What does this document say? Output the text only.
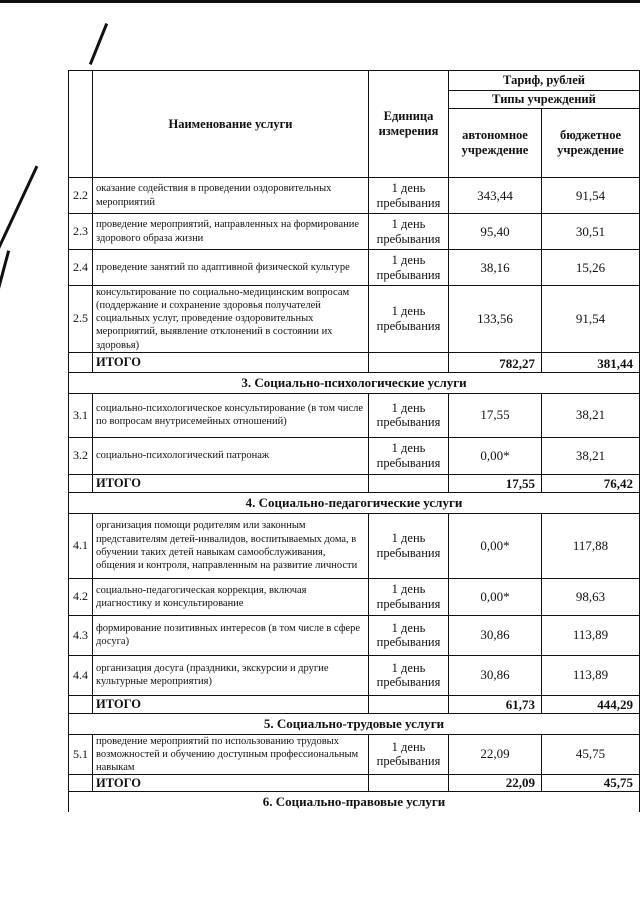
	Наименование услуги	Единица измерения	Тариф, рублей	
			Типы учреждений	
			автономное учреждение	бюджетное учреждение
2.2	оказание содействия в проведении оздоровительных мероприятий	1 день пребывания	343,44	91,54
2.3	проведение мероприятий, направленных на формирование здорового образа жизни	1 день пребывания	95,40	30,51
2.4	проведение занятий по адаптивной физической культуре	1 день пребывания	38,16	15,26
2.5	консультирование по социально-медицинским вопросам (поддержание и сохранение здоровья получателей социальных услуг, проведение оздоровительных мероприятий, выявление отклонений в состоянии их здоровья)	1 день пребывания	133,56	91,54
	ИТОГО		782,27	381,44
3. Социально-психологические услуги				
3.1	социально-психологическое консультирование (в том числе по вопросам внутрисемейных отношений)	1 день пребывания	17,55	38,21
3.2	социально-психологический патронаж	1 день пребывания	0,00*	38,21
	ИТОГО		17,55	76,42
4. Социально-педагогические услуги				
4.1	организация помощи родителям или законным представителям детей-инвалидов, воспитываемых дома, в обучении таких детей навыкам самообслуживания, общения и контроля, направленным на развитие личности	1 день пребывания	0,00*	117,88
4.2	социально-педагогическая коррекция, включая диагностику и консультирование	1 день пребывания	0,00*	98,63
4.3	формирование позитивных интересов (в том числе в сфере досуга)	1 день пребывания	30,86	113,89
4.4	организация досуга (праздники, экскурсии и другие культурные мероприятия)	1 день пребывания	30,86	113,89
	ИТОГО		61,73	444,29
5. Социально-трудовые услуги				
5.1	проведение мероприятий по использованию трудовых возможностей и обучению доступным профессиональным навыкам	1 день пребывания	22,09	45,75
	ИТОГО		22,09	45,75
6. Социально-правовые услуги				
